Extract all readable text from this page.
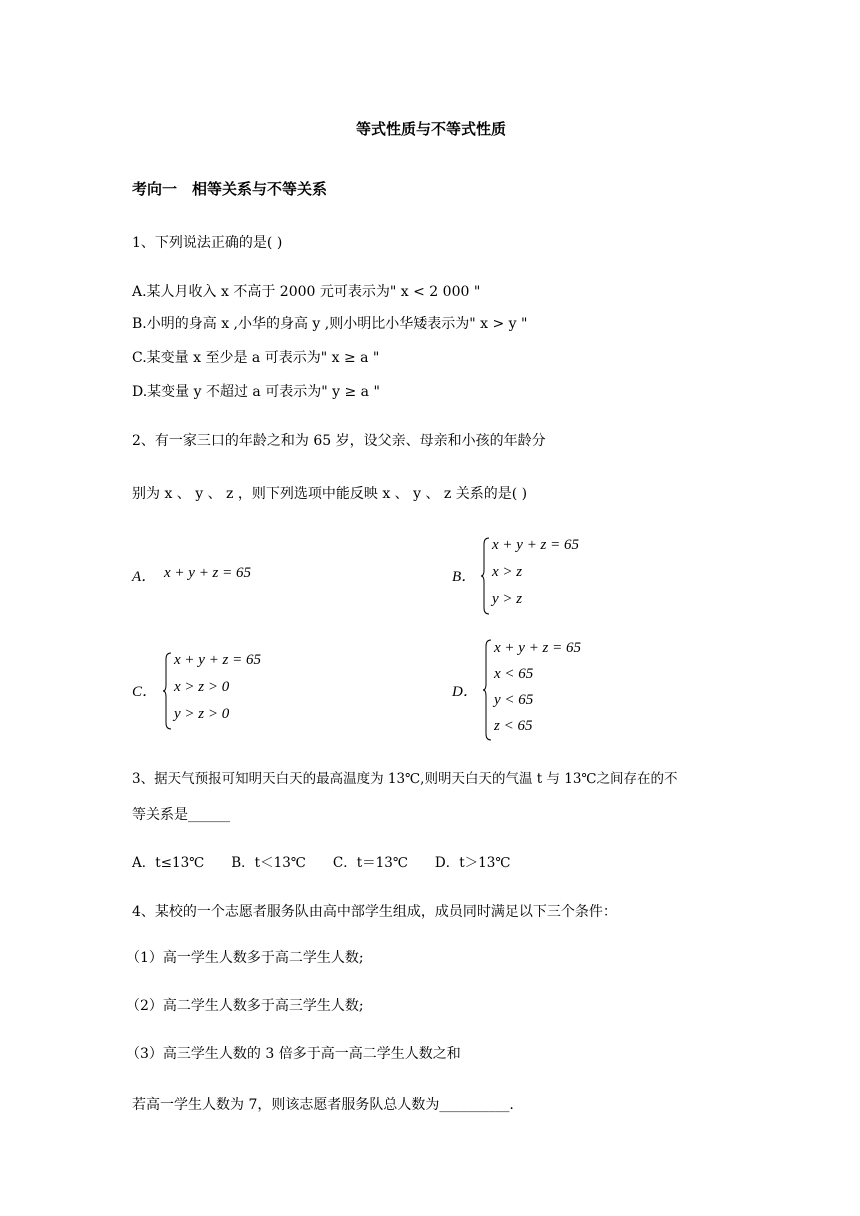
等式性质与不等式性质
考向一　相等关系与不等关系
1、下列说法正确的是( )
A.某人月收入 x 不高于 2000 元可表示为" x < 2 000 "
B.小明的身高 x ,小华的身高 y ,则小明比小华矮表示为" x > y "
C.某变量 x 至少是 a 可表示为" x ≥ a "
D.某变量 y 不超过 a 可表示为" y ≥ a "
2、有一家三口的年龄之和为 65 岁，设父亲、母亲和小孩的年龄分
别为 x 、 y 、 z ，则下列选项中能反映 x 、 y 、 z 关系的是( )
A． x + y + z = 65	B．
x + y + z = 65
x > z
y > z
C．
x + y + z = 65
x > z > 0
y > z > 0
D．
x + y + z = 65
x < 65
y < 65
z < 65
3、据天气预报可知明天白天的最高温度为 13℃,则明天白天的气温 t 与 13℃之间存在的不
等关系是______
A．t≤13℃　　B．t＜13℃　　C．t＝13℃　　D．t＞13℃
4、某校的一个志愿者服务队由高中部学生组成，成员同时满足以下三个条件：
（1）高一学生人数多于高二学生人数;
（2）高二学生人数多于高三学生人数;
（3）高三学生人数的 3 倍多于高一高二学生人数之和
若高一学生人数为 7，则该志愿者服务队总人数为__________.
